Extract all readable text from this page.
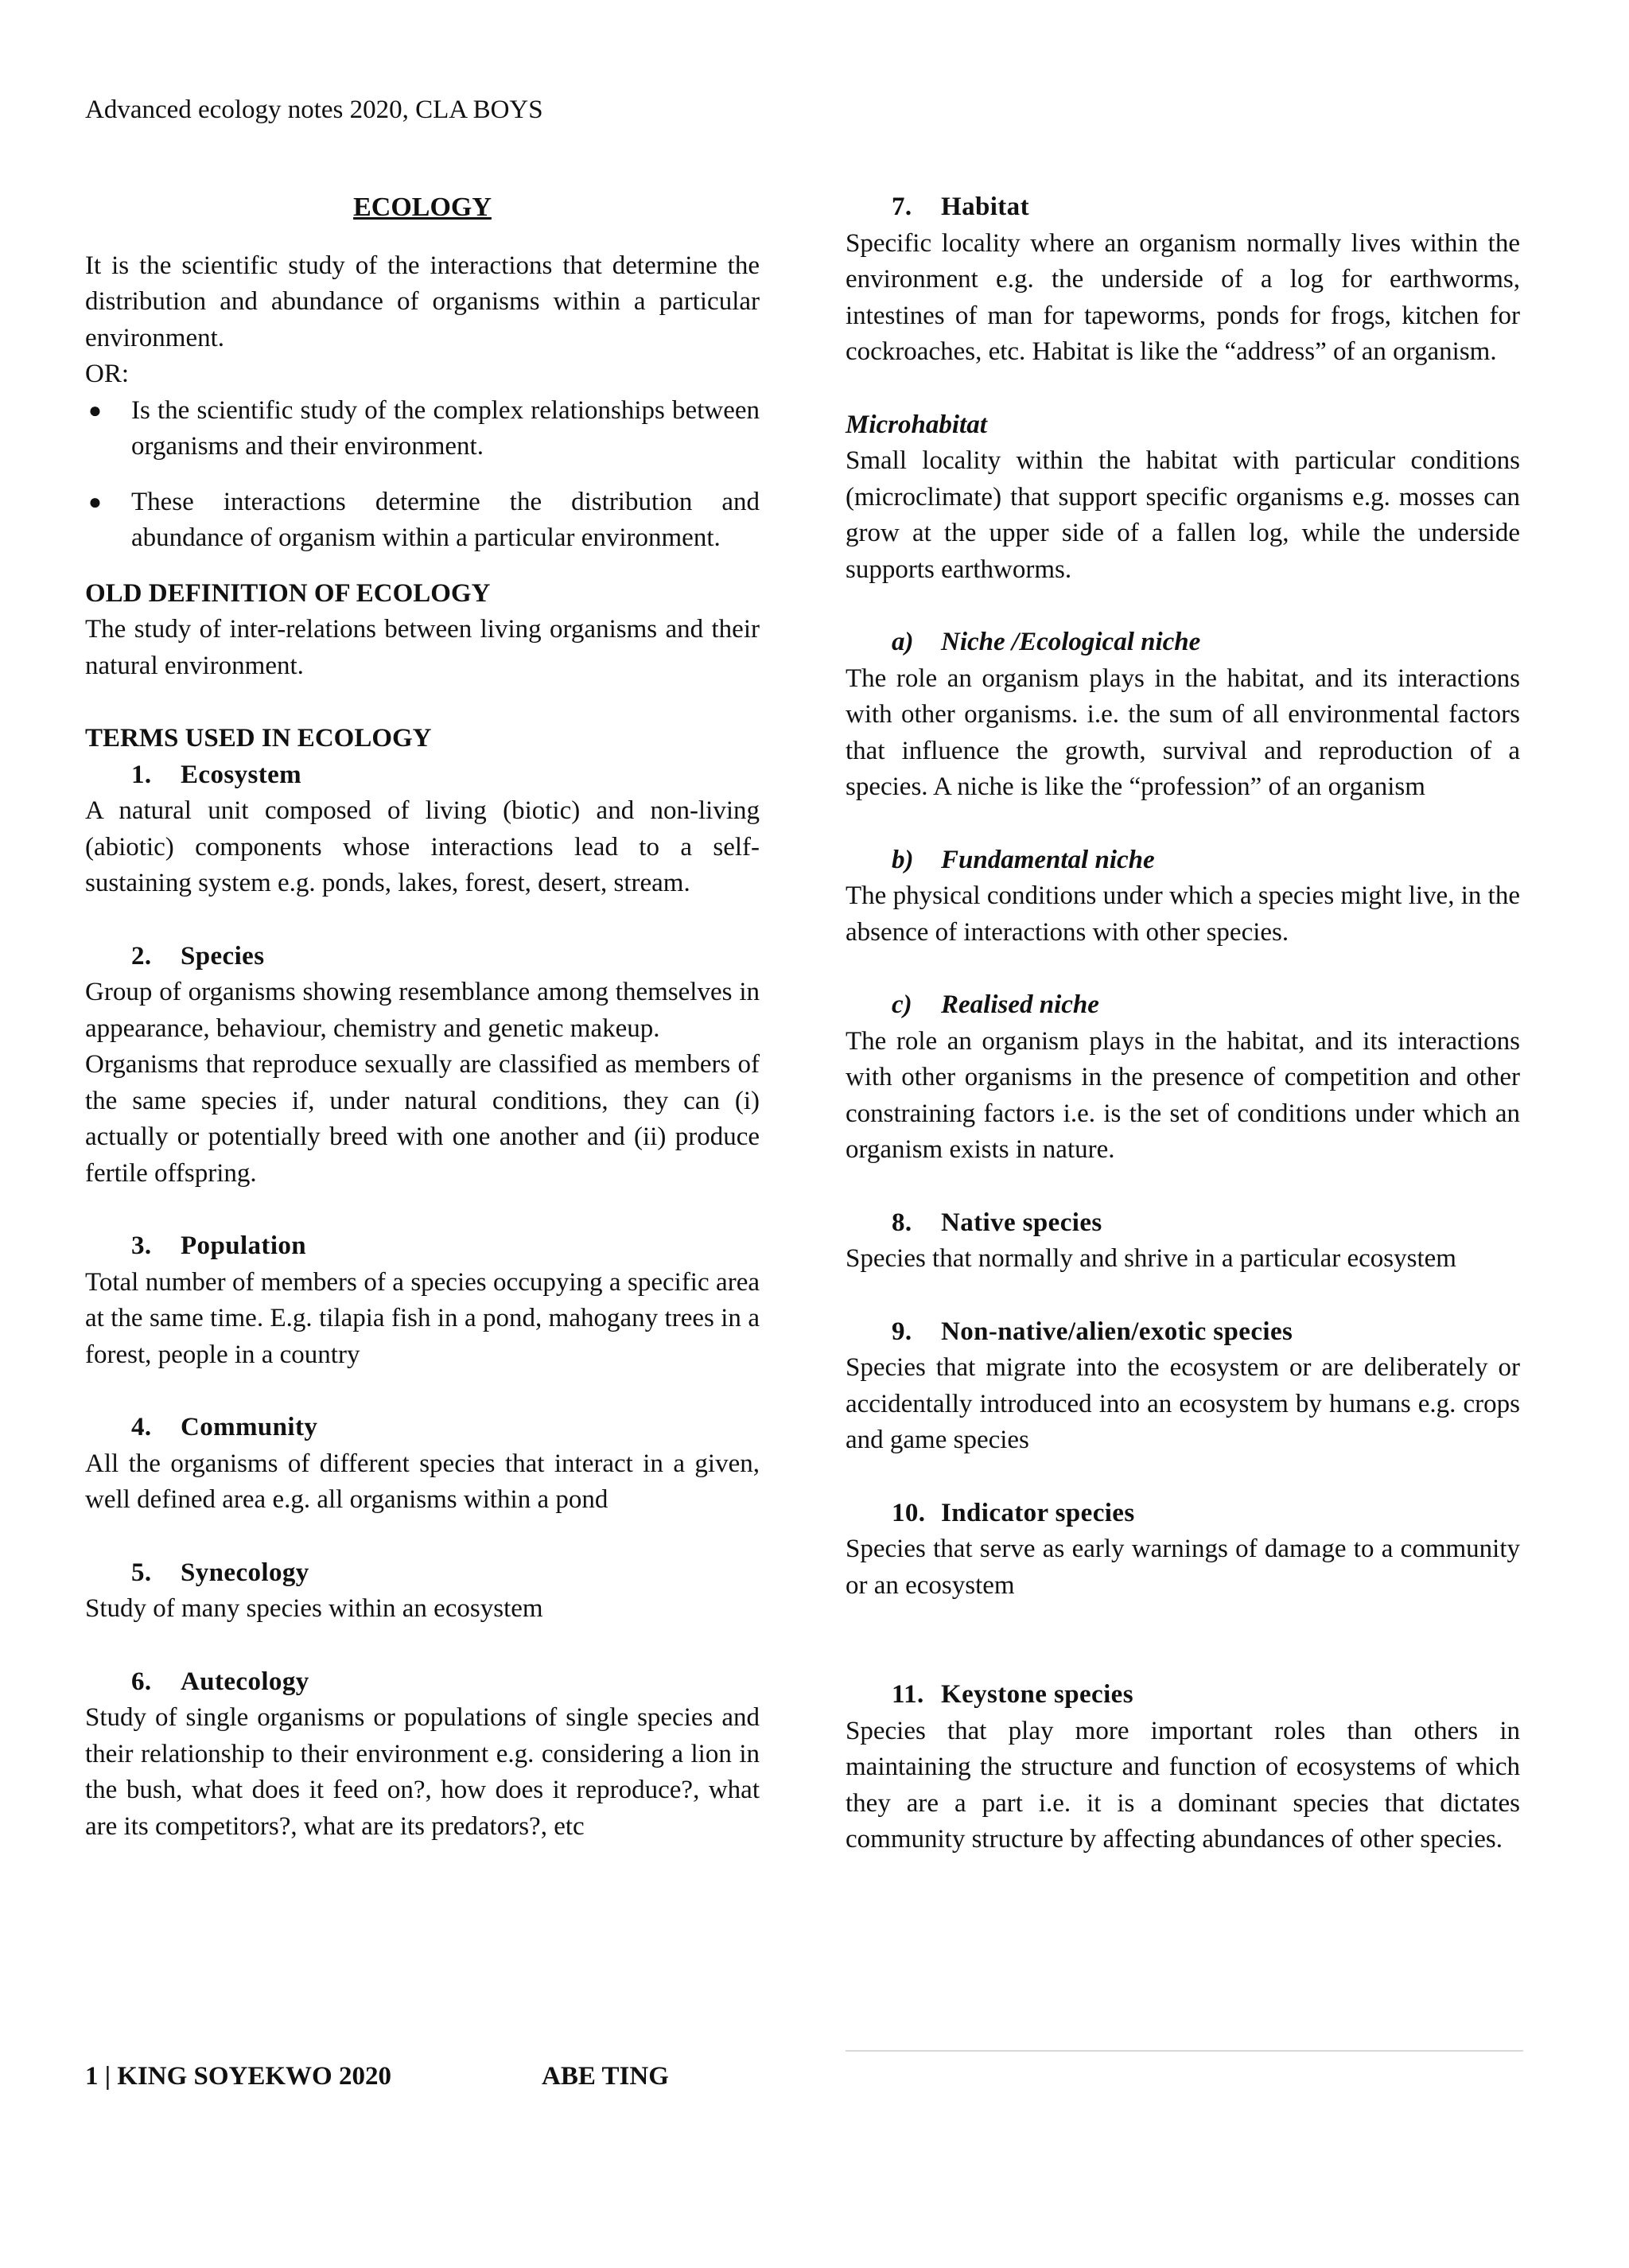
Advanced ecology notes 2020, CLA BOYS
ECOLOGY

It is the scientific study of the interactions that determine the distribution and abundance of organisms within a particular environment.

OR:

● Is the scientific study of the complex relationships between organisms and their environment.
● These interactions determine the distribution and abundance of organism within a particular environment.
OLD DEFINITION OF ECOLOGY

The study of inter-relations between living organisms and their natural environment.

TERMS USED IN ECOLOGY
1. Ecosystem

A natural unit composed of living (biotic) and non-living (abiotic) components whose interactions lead to a self-sustaining system e.g. ponds, lakes, forest, desert, stream.

2. Species

Group of organisms showing resemblance among themselves in appearance, behaviour, chemistry and genetic makeup.

Organisms that reproduce sexually are classified as members of the same species if, under natural conditions, they can (i) actually or potentially breed with one another and (ii) produce fertile offspring.

3. Population

Total number of members of a species occupying a specific area at the same time. E.g. tilapia fish in a pond, mahogany trees in a forest, people in a country

4. Community

All the organisms of different species that interact in a given, well defined area e.g. all organisms within a pond

5. Synecology

Study of many species within an ecosystem

6. Autecology

Study of single organisms or populations of single species and their relationship to their environment e.g. considering a lion in the bush, what does it feed on?, how does it reproduce?, what are its competitors?, what are its predators?, etc

7. Habitat

Specific locality where an organism normally lives within the environment e.g. the underside of a log for earthworms, intestines of man for tapeworms, ponds for frogs, kitchen for cockroaches, etc. Habitat is like the “address” of an organism.

Microhabitat

Small locality within the habitat with particular conditions (microclimate) that support specific organisms e.g. mosses can grow at the upper side of a fallen log, while the underside supports earthworms.

a) Niche /Ecological niche

The role an organism plays in the habitat, and its interactions with other organisms. i.e. the sum of all environmental factors that influence the growth, survival and reproduction of a species. A niche is like the “profession” of an organism

b) Fundamental niche

The physical conditions under which a species might live, in the absence of interactions with other species.

c) Realised niche

The role an organism plays in the habitat, and its interactions with other organisms in the presence of competition and other constraining factors i.e. is the set of conditions under which an organism exists in nature.

8. Native species

Species that normally and shrive in a particular ecosystem

9. Non-native/alien/exotic species

Species that migrate into the ecosystem or are deliberately or accidentally introduced into an ecosystem by humans e.g. crops and game species

10. Indicator species

Species that serve as early warnings of damage to a community or an ecosystem

11. Keystone species

Species that play more important roles than others in maintaining the structure and function of ecosystems of which they are a part i.e. it is a dominant species that dictates community structure by affecting abundances of other species.

1 | KING SOYEKWO 2020	ABE TING
